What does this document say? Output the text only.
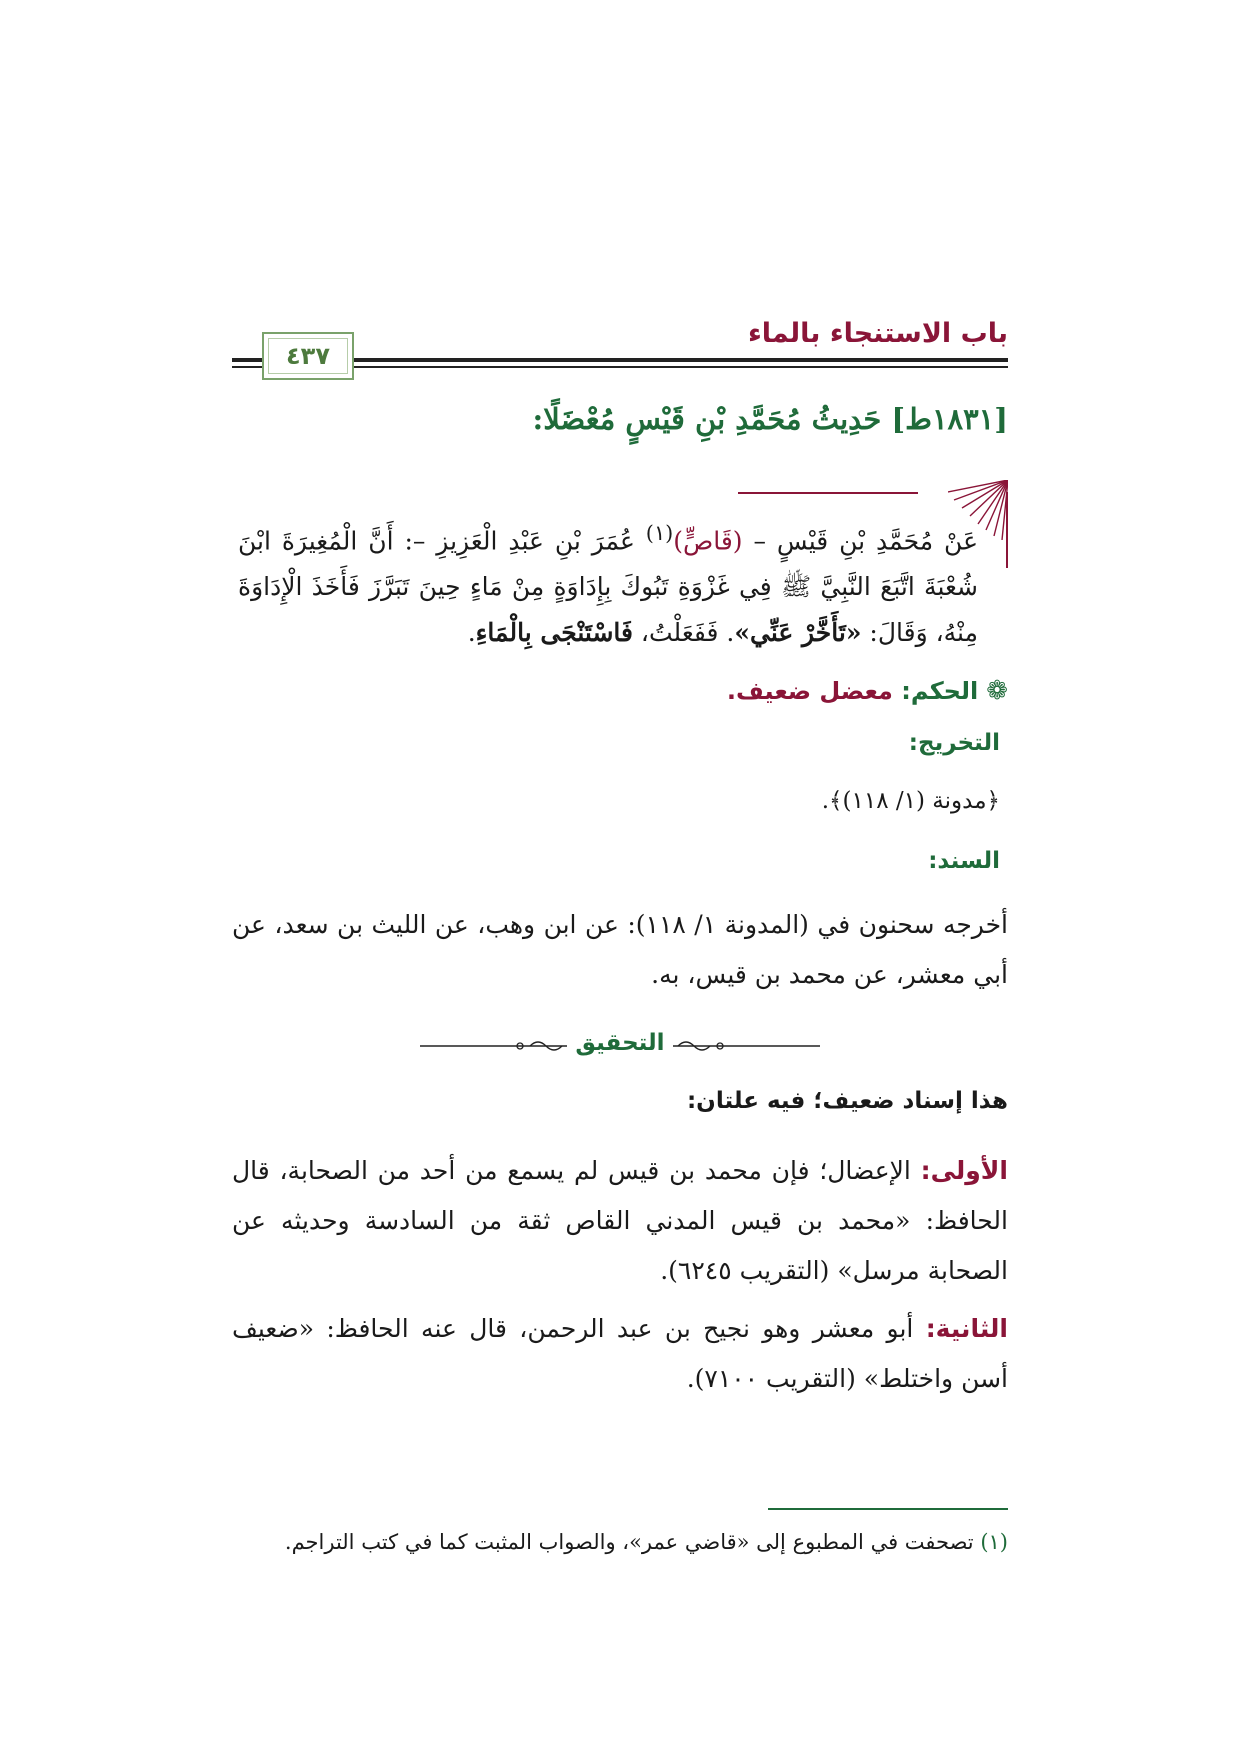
باب الاستنجاء بالماء
٤٣٧
[١٨٣١ط] حَدِيثُ مُحَمَّدِ بْنِ قَيْسٍ مُعْضَلًا:
عَنْ مُحَمَّدِ بْنِ قَيْسٍ – (قَاصٍّ)$^{(١)}$ عُمَرَ بْنِ عَبْدِ الْعَزِيزِ –: أَنَّ الْمُغِيرَةَ ابْنَ شُعْبَةَ اتَّبَعَ النَّبِيَّ ﷺ فِي غَزْوَةِ تَبُوكَ بِإِدَاوَةٍ مِنْ مَاءٍ حِينَ تَبَرَّزَ فَأَخَذَ الْإِدَاوَةَ مِنْهُ، وَقَالَ: «تَأَخَّرْ عَنِّي». فَفَعَلْتُ، فَاسْتَنْجَى بِالْمَاءِ.
❁الحكم: معضل ضعيف.
التخريج:
﴿مدونة (١/ ١١٨)﴾.
السند:
أخرجه سحنون في (المدونة ١/ ١١٨): عن ابن وهب، عن الليث بن سعد، عن أبي معشر، عن محمد بن قيس، به.
التحقيق
هذا إسناد ضعيف؛ فيه علتان:
الأولى: الإعضال؛ فإن محمد بن قيس لم يسمع من أحد من الصحابة، قال الحافظ: «محمد بن قيس المدني القاص ثقة من السادسة وحديثه عن الصحابة مرسل» (التقريب ٦٢٤٥).
الثانية: أبو معشر وهو نجيح بن عبد الرحمن، قال عنه الحافظ: «ضعيف أسن واختلط» (التقريب ٧١٠٠).
(١) تصحفت في المطبوع إلى «قاضي عمر»، والصواب المثبت كما في كتب التراجم.
